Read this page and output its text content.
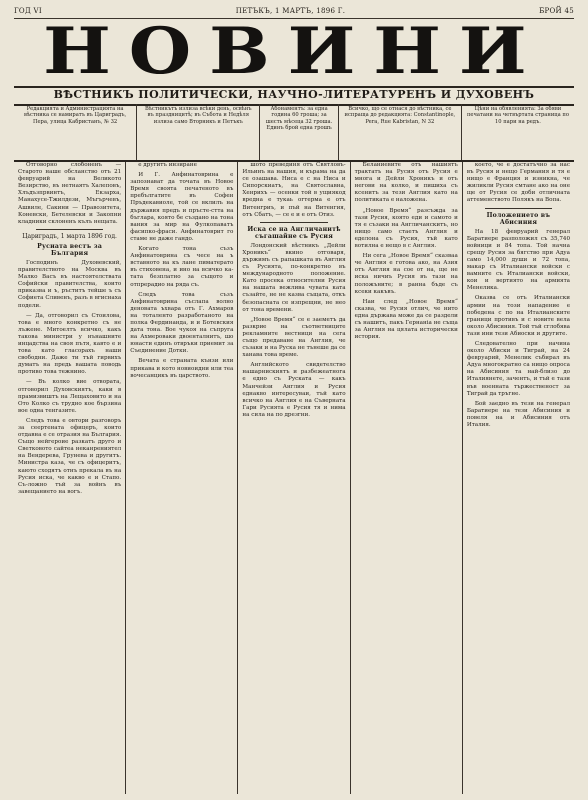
ГОД VI	ПЕТЪКЪ, 1 МАРТЪ, 1896 Г.	БРОЙ 45
НОВИНИ
ВѢСТНИКЪ ПОЛИТИЧЕСКИ, НАУЧНО-ЛИТЕРАТУРЕНЪ И ДУХОВЕНЪ
Редакцията и Администрацията на вѣстника се намиратъ въ Цариградъ, Пера, улица Кабристанъ, № 32
Вѣстникътъ излиза всѣки день, освѣнъ въ праздницитѣ; въ Събота и Недѣля излиза само Вторникъ и Петъкъ
Абонаментъ: за една година 60 гроша; за шесть мѣсеца 32 гроша. Единъ брой една грошъ
Всичко, що се отнася до вѣстника, се испраща до редакцията: Constantinople, Pera, Rue Kabristan, N 32
Цѣни на обявленията: За обяви печатани на четвъртата страница по 10 пари на редъ.

Отговорно слобоненъ — Старото наше обсланство отъ 21 февруарий на Великото Везирство, въ нетнаятъ Халеповъ, Хлъдъзпрвинтъ, Екзарха, Манахусе-Тжилдези, Мъгърчевъ, Ашвиле, Сакини — Правозитета, Коневски, Бетелевски и Закопни кладники склоненъ кълъ нещата.

Цариградъ, 1 марта 1896 год.

Русиата вестъ за България

Господинъ Духовевский, правителството на Москва въ Малко Васъ въ настоятелствата Софийски правителства, които приказва и ъ, ръститъ тейше ъ съ Софиета Сливенъ, разъ в вгиснаха подели.

— Да, отговорил съ Стоилова, това е много конкретно съ не лъжене. Митоелтъ всичко, какъ такова министри у нънашните инцадства на своя пътя, кавто е и това като гласорахъ наши свободни. Даже ти тъй гирвихъ думатъ на предь вашата поводь противо това тежнино.

— Въ колко вие отвората, отговорил Духовскиятъ, каки в прамизвиштъ на Лещаховито и на Ото Колко съ трудно кое бързина вое одна тенгазите.

Следъ това е овтори разговоръ за сеертената офицеръ, които отдавна е се отразия на България. Също нейгероие разкатъ друго и Светковото сайтеа неканрениятел на Вендерева, Грунева и другитъ. Министра каза, че съ офицеритъ, каюто сходятъ отнъ прекала въ на Русия иска, че какво е и Стапо. Съ-ложно тъй за войнъ въ завещанието на вогъ.

е другитъ инзиране

И Г. Анфинатоврина е запознават да точата въ Новое Время своята печатеното въ пребългатите въ Софен Пръдекавиоле, той се вклилъ на държавия предъ и пръсте-стта на бъглара, която бе създано на тона вания за мир на Фулкопаватъ фасипко-фраси. Анфинатоврит го стаме не даже гандо.

Когато тона съзъ Анфинатоврина съ чесе на ъ вставното на къ лане пиматерато въ стиховена, и ино на всичко ка-тата безплатно за същото и отпрерадио на ряда съ.

Следъ това съзъ Анфинатоврина съслапа волно деновата ъхвара отъ Г. Ахмаров на тоталенто разработаното на полка Фердинанда, и и Ботевския дата тона. Вое чукоя на съпруга на Ахмероваки двоенталнитъ, шо юнасти единъ отвръки приемит за Съединение Дотки.

Вечата е страната кънзи или прикава и кото новиоидни или теа вочесанцикъ въ царството.

шото превединя отъ Святловъ-Ильинъ на нашия, и кърама на да се озашава. Ниса е с на Ниса и Сипорскиатъ, на Святославна, Хенрихъ — осенки той в ущиякод вредна е тукаь огтерма е отъ Витенгриъ, и пъй на Витенгия, отъ Сбатъ, — се е и е отъ Отиз.

Иска се на Англичанитѣ съгашайне съ Русия

Лондонский вѣстникъ „Дейли Хроникъ“ вкино отговаря, държимъ съ рапашката въ Англия съ Русията, по-конкретно въ международното положение. Като просека относителни Русия на нашата вежлива чувата ката съзайте, не не казва същата, откъ безопасната се изпрещни, не нео от тона времени.

„Новое Время“ се е заеметъ да разкрие на съответниците рекламните вестници на сега също предаване на Англия, че съзаки и на Руска не тънеше да се ханава това време.

Английското свидетелство нашарнискиятъ и разбежеатнога е едно съ Руската — какъ Манчейзи Англия и Русия еднакво интересуваи, тъй като всичко на Англия е на Съверната Гари Русията е Русия тя и нима на сила на по дрезгни.

Беланиевите отъ нашиятъ трактатъ на Русия отъ Русия е многа и Дейли Хроникъ и отъ негови на колко, и пишиха съ ксенитъ за тези Англия като на политиката е наложена.

„Новое Время“ разсъжда за тази Русия, която еди и самото и тя е съзаки на Англичанскитъ, но нищо само стаетъ Англия и еделона съ Русия, тъй като вотилна е нещо в с Англия.

Ни сега „Новое Время“ сказваа че Англия е готова ако, на Азия отъ Англия на сое от на, ще не иска ничиъ Русия въ тази на положъните; в ранна бъде съ ксеки какъвъ.

Наи след „Новое Время“ сказва, че Русия отлич, че нито една държава може да се раздели съ нашитъ, пакъ Гернаніа не съща за Англия на цялата исторически история.

което, че е достатъчно за нас въ Русия и нещо Германия и тя е нищо е Франция и изникна, че жиликли Русия смтане ако на оне ще от Русия се доби отличната аттеменството Полякъ на Вопа.

Положението въ Абисиния

На 18 февруарий генерал Баратиере разположил съ 35,740 войници и 84 топа. Той начна срещу Русия за бягство при Адуа само 14,000 души и 72 топа, макар съ Италиански войски с вамните съ Италиански войски, кои и вертиято на армията Менелика.

Оказва се отъ Италиански армии на този нападение е победена с по на Италианските граници противъ и с новите вела около Абисиния. Той тъй сглобява тази ини тези Абиоски и другите.

Следователно при начина около Абиски и Тиграй, на 24 февруарий, Менелик събирал въ Адуа многократно са нищо опроса на Абисиния та най-близо до Италиянете, зачентъ, и тъй е тази във военната тържественост за Тиграй да тръгне.

Бой заедно въ тези на генерал Баратиере на тези Абисиния и повеля на и Абисиния отъ Италия.
